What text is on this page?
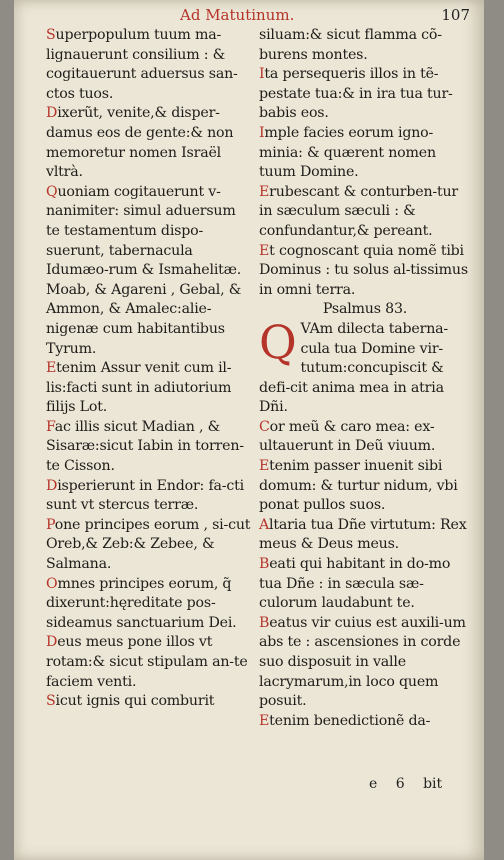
Ad Matutinum.	107

Superpopulum tuum ma-lignauerunt consilium : & cogitauerunt aduersus san-ctos tuos.

Dixerũt, venite,& disper-damus eos de gente:& non memoretur nomen Israël vltrà.

Quoniam cogitauerunt v-nanimiter: simul aduersum te testamentum dispo-suerunt, tabernacula Idumæo-rum & Ismahelitæ.

Moab, & Agareni , Gebal, & Ammon, & Amalec:alie-nigenæ cum habitantibus Tyrum.

Etenim Assur venit cum il-lis:facti sunt in adiutorium filijs Lot.

Fac illis sicut Madian , & Sisaræ:sicut Iabin in torren-te Cisson.

Disperierunt in Endor: fa-cti sunt vt stercus terræ.

Pone principes eorum , si-cut Oreb,& Zeb:& Zebee, & Salmana.

Omnes principes eorum, q̃ dixerunt:hęreditate pos-sideamus sanctuarium Dei.

Deus meus pone illos vt rotam:& sicut stipulam an-te faciem venti.

Sicut ignis qui comburit

siluam:& sicut flamma cõ-burens montes.

Ita persequeris illos in tẽ-pestate tua:& in ira tua tur-babis eos.

Imple facies eorum igno-minia: & quærent nomen tuum Domine.

Erubescant & conturben-tur in sæculum sæculi : & confundantur,& pereant.

Et cognoscant quia nomẽ tibi Dominus : tu solus al-tissimus in omni terra.

Psalmus 83.

Q VAm dilecta taberna-cula tua Domine vir-tutum:concupiscit & defi-cit anima mea in atria Dñi.

Cor meũ & caro mea: ex-ultauerunt in Deũ viuum.

Etenim passer inuenit sibi domum: & turtur nidum, vbi ponat pullos suos.

Altaria tua Dñe virtutum: Rex meus & Deus meus.

Beati qui habitant in do-mo tua Dñe : in sæcula sæ-culorum laudabunt te.

Beatus vir cuius est auxili-um abs te : ascensiones in corde suo disposuit in valle lacrymarum,in loco quem posuit.

Etenim benedictionẽ da-

e 6 bit
